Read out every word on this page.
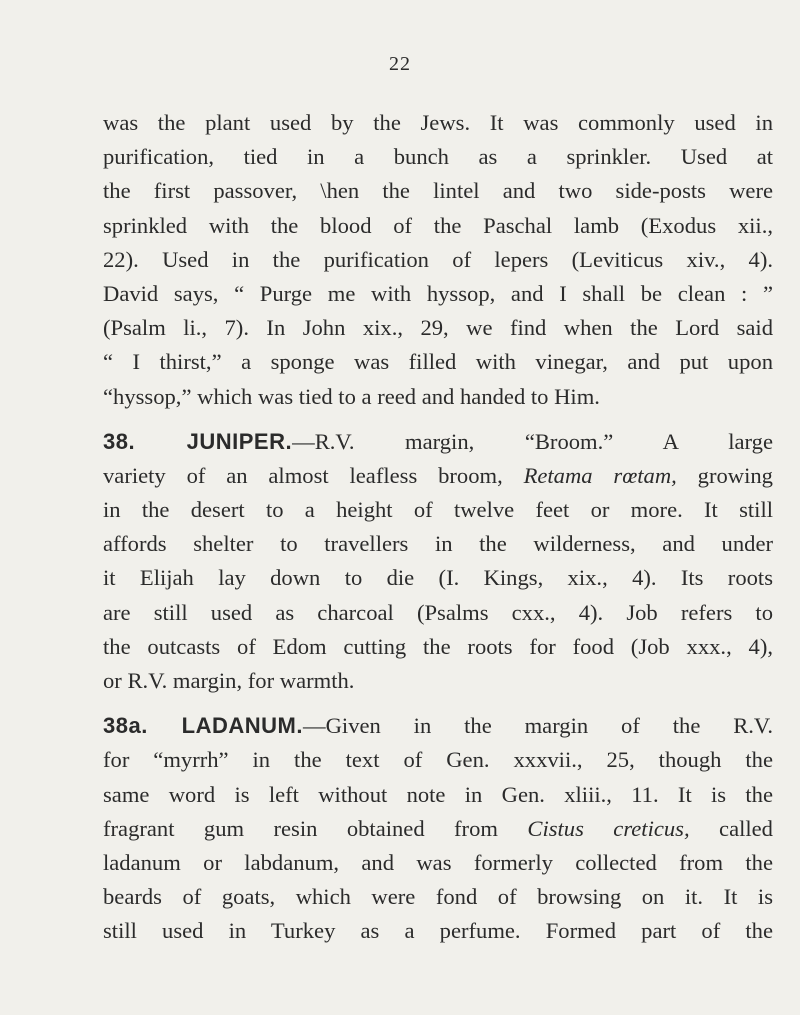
22
was the plant used by the Jews. It was commonly used in
purification, tied in a bunch as a sprinkler. Used at
the first passover, \hen the lintel and two side-posts were
sprinkled with the blood of the Paschal lamb (Exodus xii.,
22). Used in the purification of lepers (Leviticus xiv., 4).
David says, “ Purge me with hyssop, and I shall be clean : ”
(Psalm li., 7). In John xix., 29, we find when the Lord said
“ I thirst,” a sponge was filled with vinegar, and put upon
“hyssop,” which was tied to a reed and handed to Him.
38. JUNIPER.—R.V. margin, “Broom.” A large
variety of an almost leafless broom, Retama rœtam, growing
in the desert to a height of twelve feet or more. It still
affords shelter to travellers in the wilderness, and under
it Elijah lay down to die (I. Kings, xix., 4). Its roots
are still used as charcoal (Psalms cxx., 4). Job refers to
the outcasts of Edom cutting the roots for food (Job xxx., 4),
or R.V. margin, for warmth.
38a. LADANUM.—Given in the margin of the R.V.
for “myrrh” in the text of Gen. xxxvii., 25, though the
same word is left without note in Gen. xliii., 11. It is the
fragrant gum resin obtained from Cistus creticus, called
ladanum or labdanum, and was formerly collected from the
beards of goats, which were fond of browsing on it. It is
still used in Turkey as a perfume. Formed part of the
